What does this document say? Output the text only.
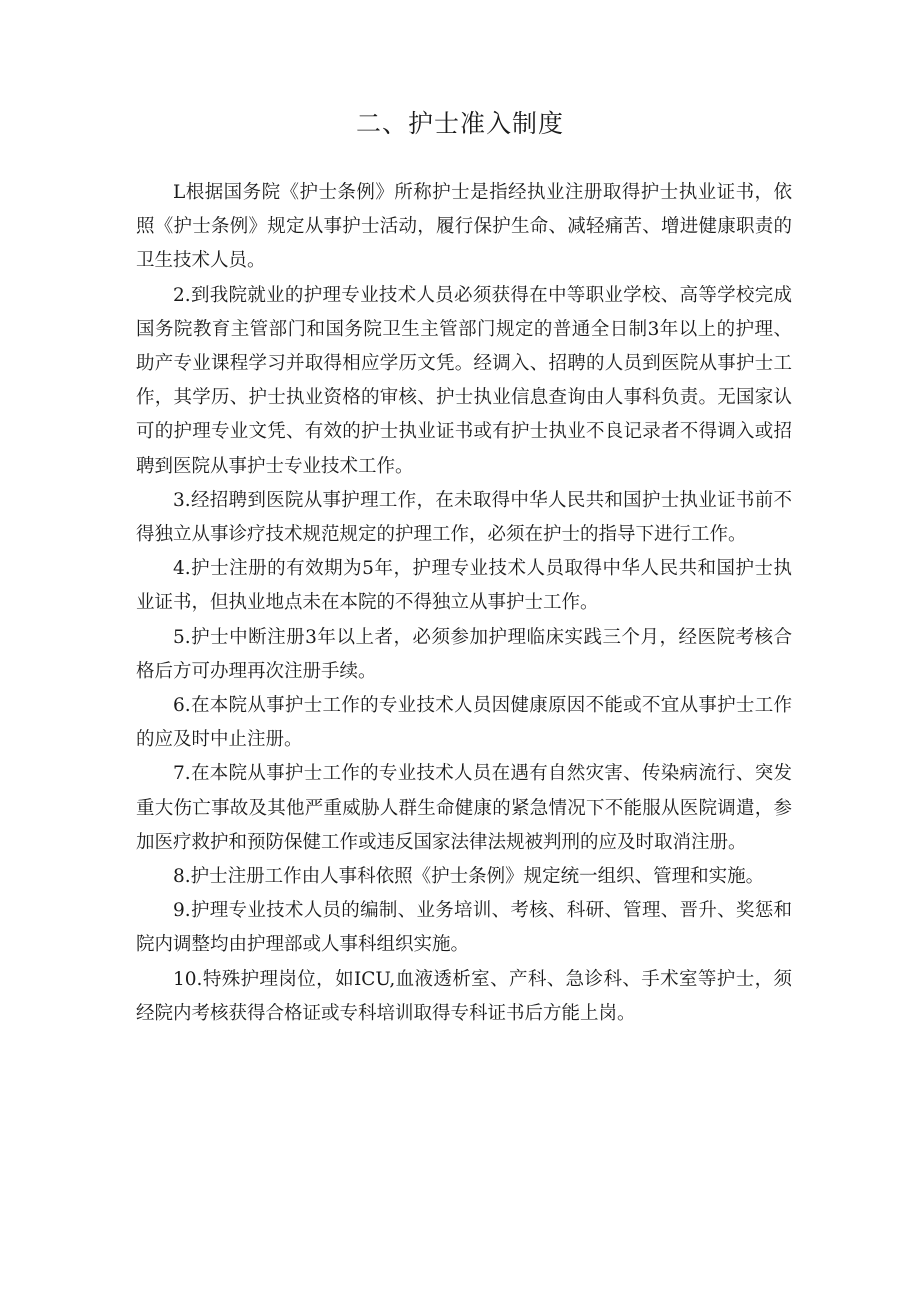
二、护士准入制度

L根据国务院《护士条例》所称护士是指经执业注册取得护士执业证书，依照《护士条例》规定从事护士活动，履行保护生命、减轻痛苦、增进健康职责的卫生技术人员。

2.到我院就业的护理专业技术人员必须获得在中等职业学校、高等学校完成国务院教育主管部门和国务院卫生主管部门规定的普通全日制3年以上的护理、助产专业课程学习并取得相应学历文凭。经调入、招聘的人员到医院从事护士工作，其学历、护士执业资格的审核、护士执业信息查询由人事科负责。无国家认可的护理专业文凭、有效的护士执业证书或有护士执业不良记录者不得调入或招聘到医院从事护士专业技术工作。

3.经招聘到医院从事护理工作，在未取得中华人民共和国护士执业证书前不得独立从事诊疗技术规范规定的护理工作，必须在护士的指导下进行工作。

4.护士注册的有效期为5年，护理专业技术人员取得中华人民共和国护士执业证书，但执业地点未在本院的不得独立从事护士工作。

5.护士中断注册3年以上者，必须参加护理临床实践三个月，经医院考核合格后方可办理再次注册手续。

6.在本院从事护士工作的专业技术人员因健康原因不能或不宜从事护士工作的应及时中止注册。

7.在本院从事护士工作的专业技术人员在遇有自然灾害、传染病流行、突发重大伤亡事故及其他严重威胁人群生命健康的紧急情况下不能服从医院调遣，参加医疗救护和预防保健工作或违反国家法律法规被判刑的应及时取消注册。

8.护士注册工作由人事科依照《护士条例》规定统一组织、管理和实施。

9.护理专业技术人员的编制、业务培训、考核、科研、管理、晋升、奖惩和院内调整均由护理部或人事科组织实施。

10.特殊护理岗位，如ICU,血液透析室、产科、急诊科、手术室等护士，须经院内考核获得合格证或专科培训取得专科证书后方能上岗。
